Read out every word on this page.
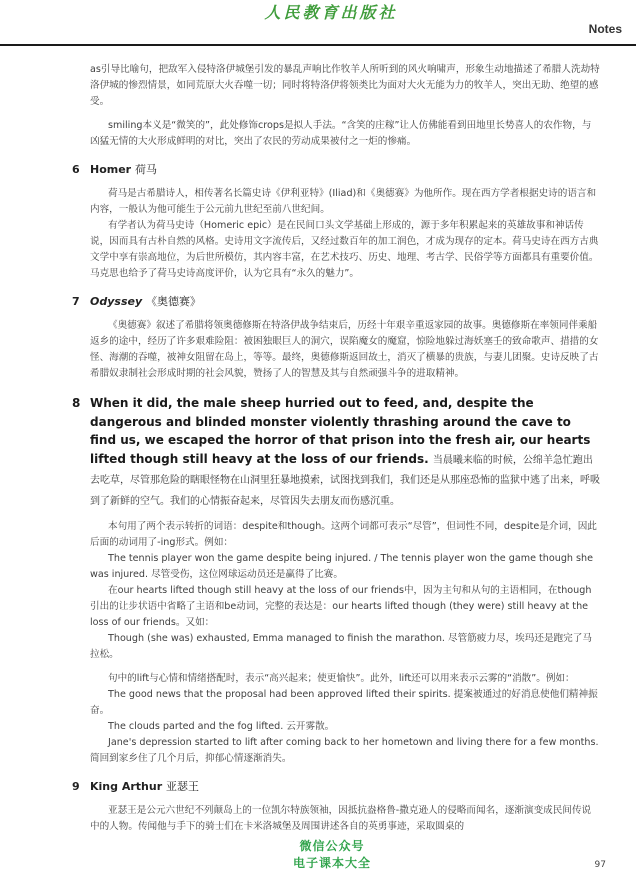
人民教育出版社
Notes

as引导比喻句，把敌军入侵特洛伊城堡引发的暴乱声响比作牧羊人所听到的风火响啸声，形象生动地描述了希腊人洗劫特洛伊城的惨烈情景，如同荒原大火吞噬一切；同时将特洛伊将领类比为面对大火无能为力的牧羊人，突出无助、绝望的感受。

smiling本义是“微笑的”，此处修饰crops是拟人手法。“含笑的庄稼”让人仿佛能看到田地里长势喜人的农作物，与凶猛无情的大火形成鲜明的对比，突出了农民的劳动成果被付之一炬的惨痛。

6 Homer 荷马

荷马是古希腊诗人，相传著名长篇史诗《伊利亚特》(Iliad)和《奥德赛》为他所作。现在西方学者根据史诗的语言和内容，一般认为他可能生于公元前九世纪至前八世纪间。

有学者认为荷马史诗（Homeric epic）是在民间口头文学基础上形成的，源于多年积累起来的英雄故事和神话传说，因而具有古朴自然的风格。史诗用文字流传后，又经过数百年的加工润色，才成为现存的定本。荷马史诗在西方古典文学中享有崇高地位，为后世所模仿，其内容丰富，在艺术技巧、历史、地理、考古学、民俗学等方面都具有重要价值。马克思也给予了荷马史诗高度评价，认为它具有“永久的魅力”。

7 Odyssey 《奥德赛》

《奥德赛》叙述了希腊将领奥德修斯在特洛伊战争结束后，历经十年艰辛重返家园的故事。奥德修斯在率领同伴乘船返乡的途中，经历了许多艰难险阻：被困独眼巨人的洞穴，误陷魔女的魔窟，惊险地躲过海妖塞壬的致命歌声、措措的女怪、海潮的吞噬，被神女阻留在岛上，等等。最终，奥德修斯返回故土，消灭了横暴的贵族，与妻儿团聚。史诗反映了古希腊奴隶制社会形成时期的社会风貌，赞扬了人的智慧及其与自然顽强斗争的进取精神。

8 When it did, the male sheep hurried out to feed, and, despite the dangerous and blinded monster violently thrashing around the cave to find us, we escaped the horror of that prison into the fresh air, our hearts lifted though still heavy at the loss of our friends. 当晨曦来临的时候，公绵羊急忙跑出去吃草，尽管那危险的瞎眼怪物在山洞里狂暴地摸索，试图找到我们，我们还是从那座恐怖的监狱中逃了出来，呼吸到了新鲜的空气。我们的心情振奋起来，尽管因失去朋友而伤感沉重。

本句用了两个表示转折的词语：despite和though。这两个词都可表示“尽管”，但词性不同，despite是介词，因此后面的动词用了-ing形式。例如：

The tennis player won the game despite being injured. / The tennis player won the game though she was injured. 尽管受伤，这位网球运动员还是赢得了比赛。

在our hearts lifted though still heavy at the loss of our friends中，因为主句和从句的主语相同，在though引出的让步状语中省略了主语和be动词，完整的表达是：our hearts lifted though (they were) still heavy at the loss of our friends。又如：

Though (she was) exhausted, Emma managed to finish the marathon. 尽管筋疲力尽，埃玛还是跑完了马拉松。

句中的lift与心情和情绪搭配时，表示“高兴起来；使更愉快”。此外，lift还可以用来表示云雾的“消散”。例如：

The good news that the proposal had been approved lifted their spirits. 提案被通过的好消息使他们精神振奋。

The clouds parted and the fog lifted. 云开雾散。

Jane's depression started to lift after coming back to her hometown and living there for a few months. 简回到家乡住了几个月后，抑郁心情逐渐消失。

9 King Arthur 亚瑟王

亚瑟王是公元六世纪不列颠岛上的一位凯尔特族领袖，因抵抗盎格鲁-撒克逊人的侵略而闻名，逐渐演变成民间传说中的人物。传闻他与手下的骑士们在卡米洛城堡及周围讲述各自的英勇事迹，采取圆桌的

微信公众号
电子课本大全	97
